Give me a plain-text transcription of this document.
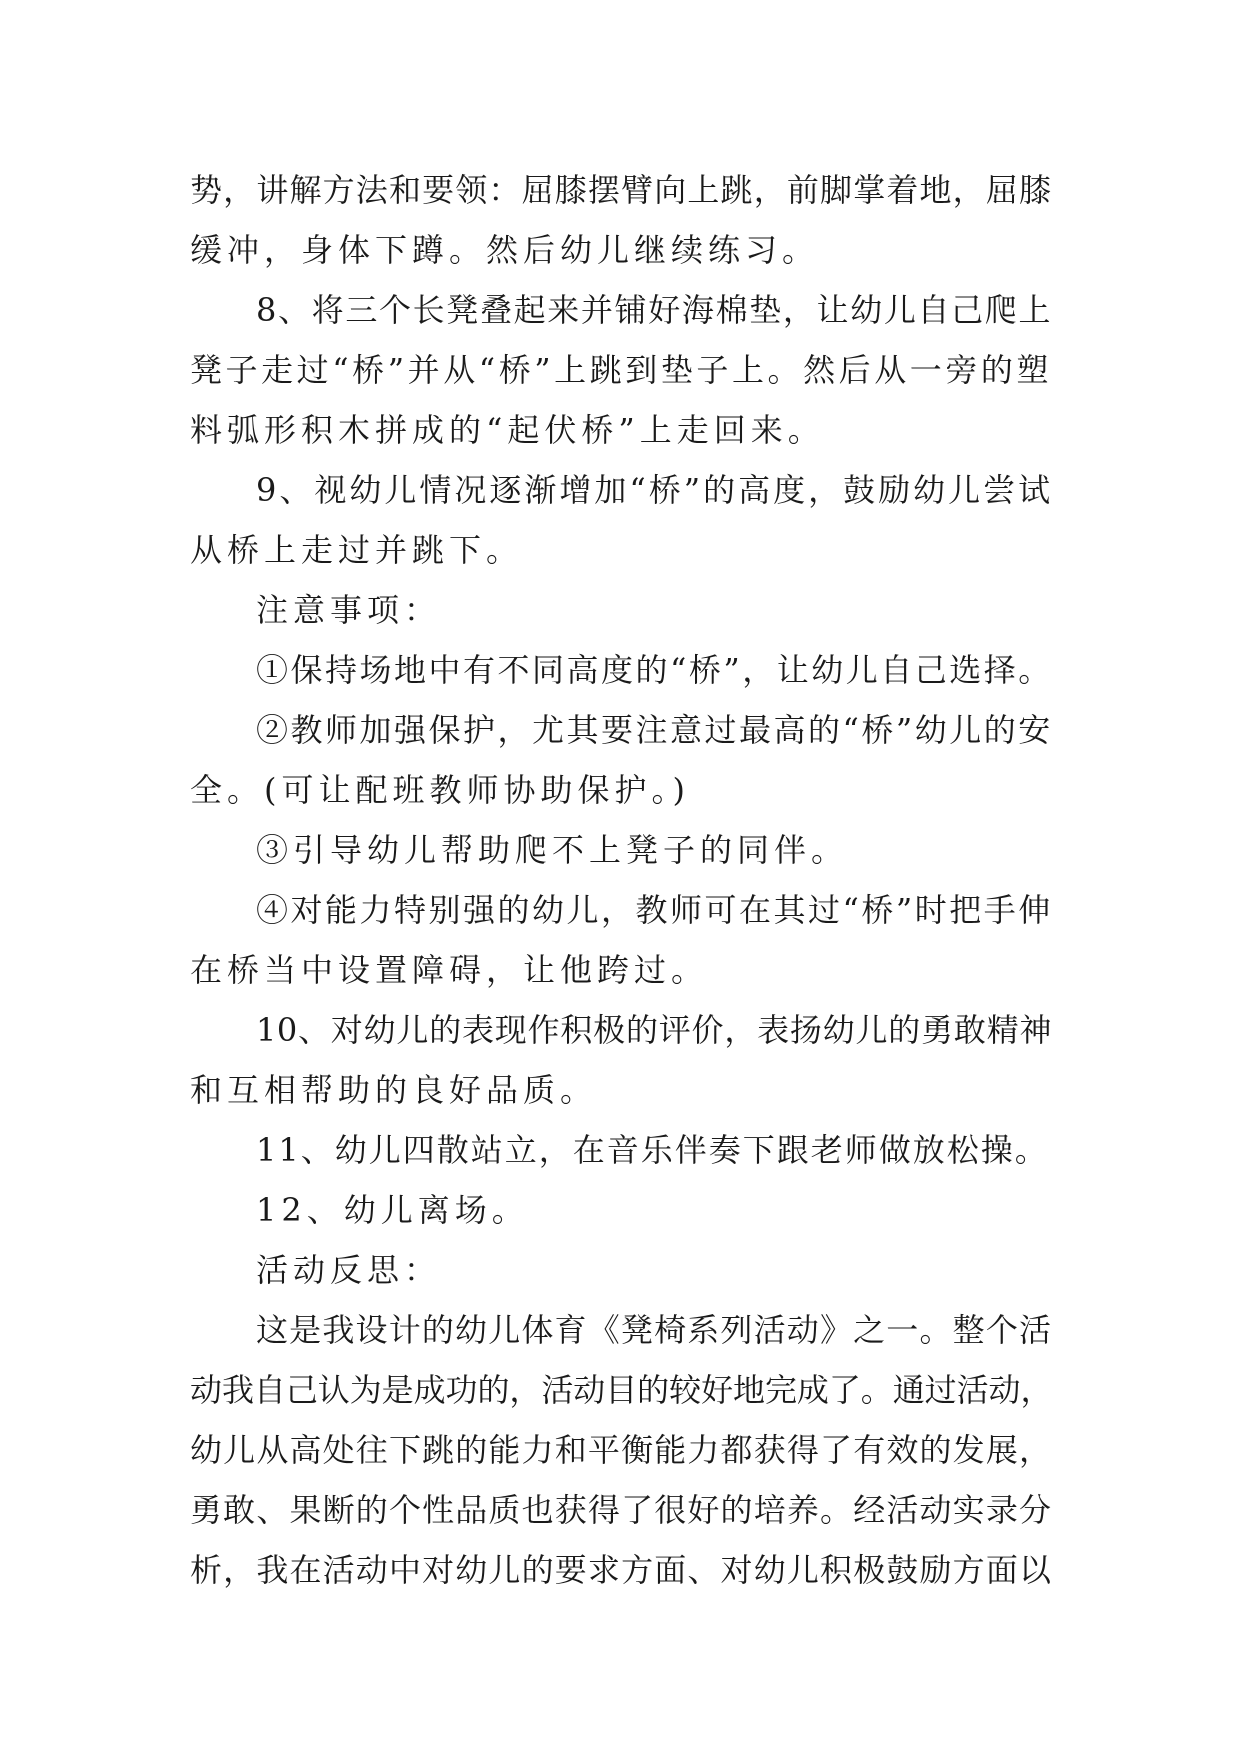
势，讲解方法和要领：屈膝摆臂向上跳，前脚掌着地，屈膝
缓冲，身体下蹲。然后幼儿继续练习。
8、将三个长凳叠起来并铺好海棉垫，让幼儿自己爬上
凳子走过“桥”并从“桥”上跳到垫子上。然后从一旁的塑
料弧形积木拼成的“起伏桥”上走回来。
9、视幼儿情况逐渐增加“桥”的高度，鼓励幼儿尝试
从桥上走过并跳下。
注意事项：
①保持场地中有不同高度的“桥”，让幼儿自己选择。
②教师加强保护，尤其要注意过最高的“桥”幼儿的安
全。(可让配班教师协助保护。)
③引导幼儿帮助爬不上凳子的同伴。
④对能力特别强的幼儿，教师可在其过“桥”时把手伸
在桥当中设置障碍，让他跨过。
10、对幼儿的表现作积极的评价，表扬幼儿的勇敢精神
和互相帮助的良好品质。
11、幼儿四散站立，在音乐伴奏下跟老师做放松操。
12、幼儿离场。
活动反思：
这是我设计的幼儿体育《凳椅系列活动》之一。整个活
动我自己认为是成功的，活动目的较好地完成了。通过活动，
幼儿从高处往下跳的能力和平衡能力都获得了有效的发展，
勇敢、果断的个性品质也获得了很好的培养。经活动实录分
析，我在活动中对幼儿的要求方面、对幼儿积极鼓励方面以
